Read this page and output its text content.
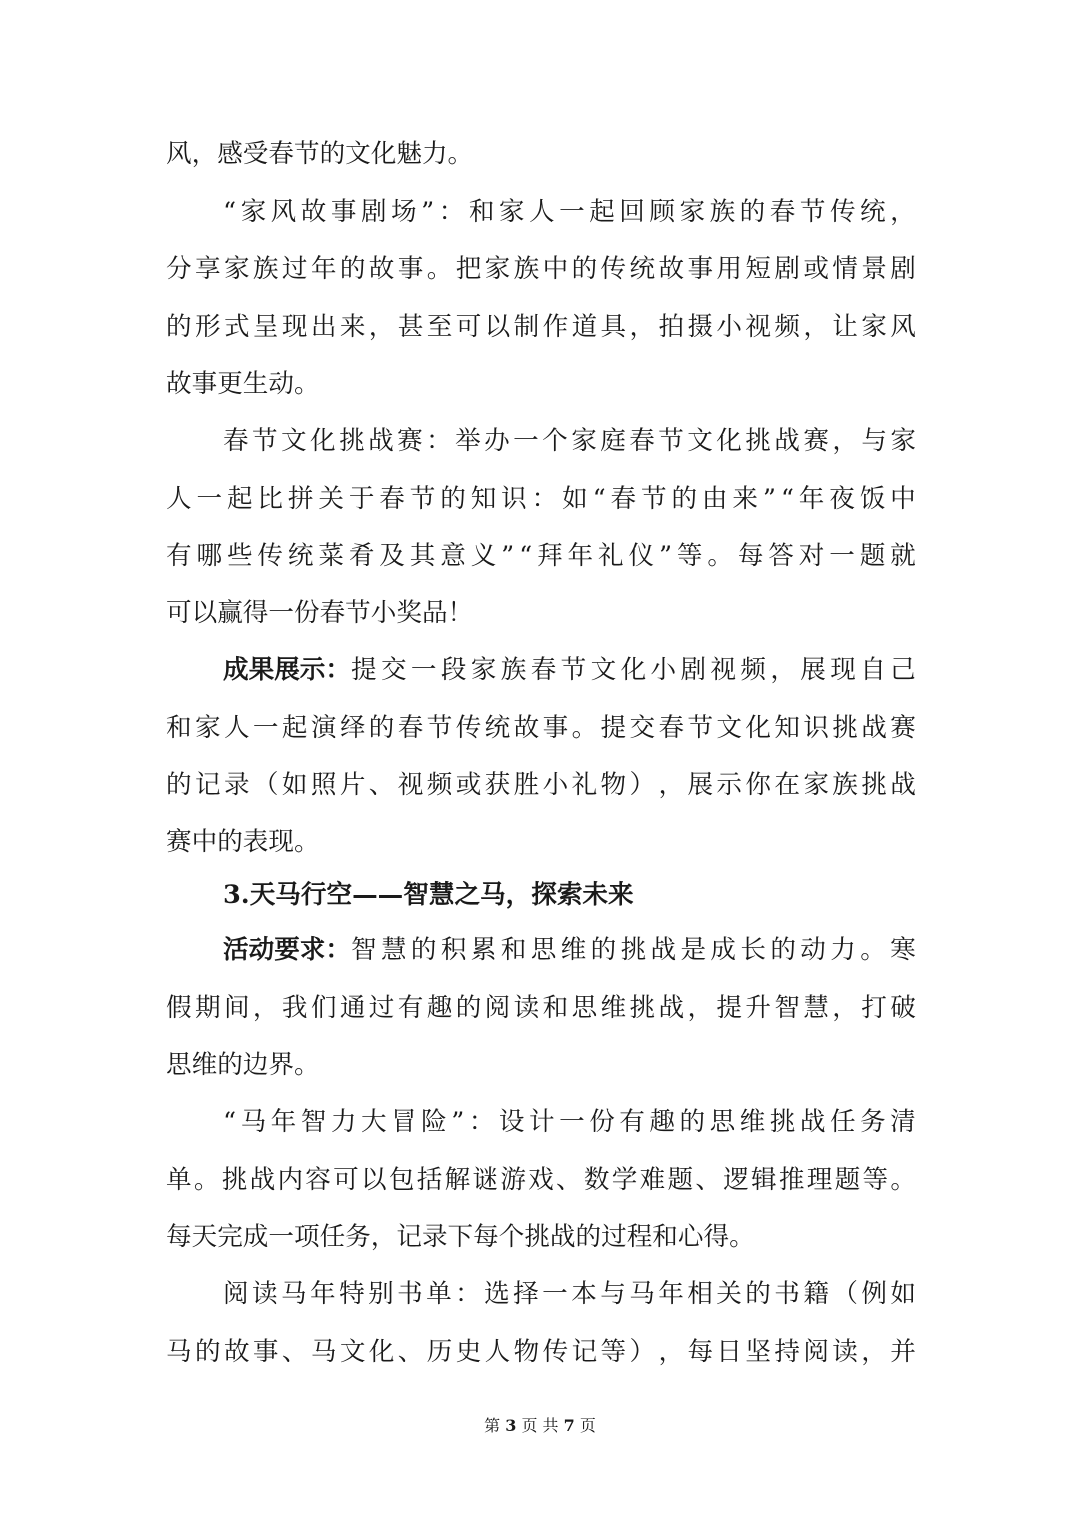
风，感受春节的文化魅力。
“ 家 风 故 事 剧 场 ” ： 和 家 人 一 起 回 顾 家 族 的 春 节 传 统 ，
分 享 家 族 过 年 的 故 事 。 把 家 族 中 的 传 统 故 事 用 短 剧 或 情 景 剧
的 形 式 呈 现 出 来 ， 甚 至 可 以 制 作 道 具 ， 拍 摄 小 视 频 ， 让 家 风
故事更生动。
春 节 文 化 挑 战 赛 ： 举 办 一 个 家 庭 春 节 文 化 挑 战 赛 ， 与 家
人 一 起 比 拼 关 于 春 节 的 知 识 ： 如 “ 春 节 的 由 来 ” “ 年 夜 饭 中
有 哪 些 传 统 菜 肴 及 其 意 义 ” “ 拜 年 礼 仪 ” 等 。 每 答 对 一 题 就
可以赢得一份春节小奖品！
成果展示： 提 交 一 段 家 族 春 节 文 化 小 剧 视 频 ， 展 现 自 己
和 家 人 一 起 演 绎 的 春 节 传 统 故 事 。 提 交 春 节 文 化 知 识 挑 战 赛
的 记 录 （ 如 照 片 、 视 频 或 获 胜 小 礼 物 ） ， 展 示 你 在 家 族 挑 战
赛中的表现。
3.天马行空——智慧之马，探索未来
活动要求： 智 慧 的 积 累 和 思 维 的 挑 战 是 成 长 的 动 力 。 寒
假 期 间 ， 我 们 通 过 有 趣 的 阅 读 和 思 维 挑 战 ， 提 升 智 慧 ， 打 破
思维的边界。
“ 马 年 智 力 大 冒 险 ” ： 设 计 一 份 有 趣 的 思 维 挑 战 任 务 清
单 。 挑 战 内 容 可 以 包 括 解 谜 游 戏 、 数 学 难 题 、 逻 辑 推 理 题 等 。
每天完成一项任务，记录下每个挑战的过程和心得。
阅 读 马 年 特 别 书 单 ： 选 择 一 本 与 马 年 相 关 的 书 籍 （ 例 如
马 的 故 事 、 马 文 化 、 历 史 人 物 传 记 等 ） ， 每 日 坚 持 阅 读 ， 并
第 3 页 共 7 页
